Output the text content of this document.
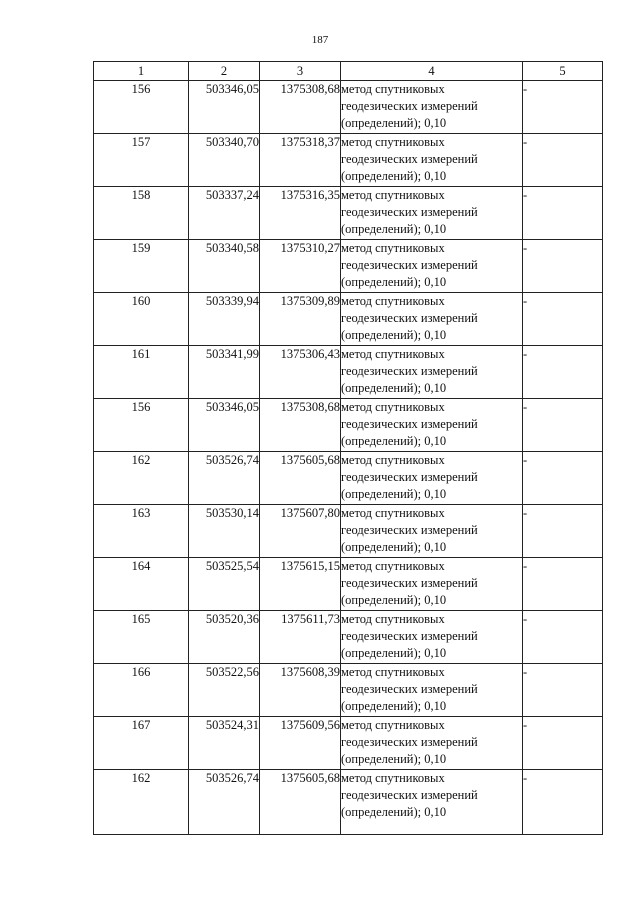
187
1	2	3	4	5
156	503346,05	1375308,68	метод спутниковых
геодезических измерений
(определений); 0,10	-
157	503340,70	1375318,37	метод спутниковых
геодезических измерений
(определений); 0,10	-
158	503337,24	1375316,35	метод спутниковых
геодезических измерений
(определений); 0,10	-
159	503340,58	1375310,27	метод спутниковых
геодезических измерений
(определений); 0,10	-
160	503339,94	1375309,89	метод спутниковых
геодезических измерений
(определений); 0,10	-
161	503341,99	1375306,43	метод спутниковых
геодезических измерений
(определений); 0,10	-
156	503346,05	1375308,68	метод спутниковых
геодезических измерений
(определений); 0,10	-
162	503526,74	1375605,68	метод спутниковых
геодезических измерений
(определений); 0,10	-
163	503530,14	1375607,80	метод спутниковых
геодезических измерений
(определений); 0,10	-
164	503525,54	1375615,15	метод спутниковых
геодезических измерений
(определений); 0,10	-
165	503520,36	1375611,73	метод спутниковых
геодезических измерений
(определений); 0,10	-
166	503522,56	1375608,39	метод спутниковых
геодезических измерений
(определений); 0,10	-
167	503524,31	1375609,56	метод спутниковых
геодезических измерений
(определений); 0,10	-
162	503526,74	1375605,68	метод спутниковых
геодезических измерений
(определений); 0,10	-
